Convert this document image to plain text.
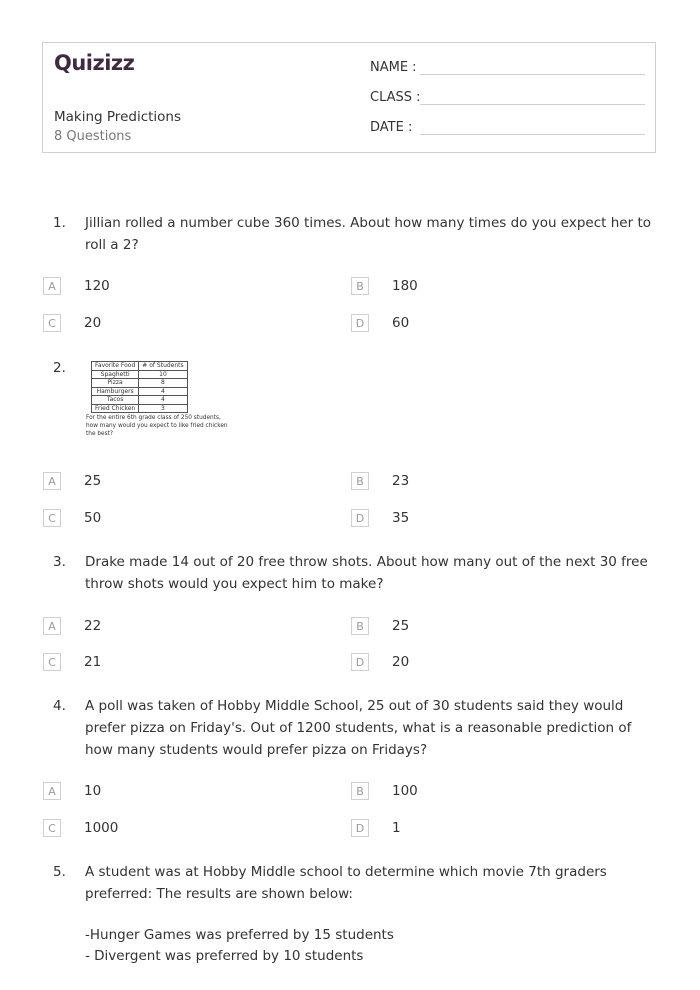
Quizizz
Making Predictions
8 Questions
NAME :
CLASS :
DATE :
1. Jillian rolled a number cube 360 times. About how many times do you expect her to roll a 2?
A	120	B	180
C	20	D	60
2.	Favorite Food	# of Students
Spaghetti	10
Pizza	8
Hamburgers	4
Tacos	4
Fried Chicken	3
For the entire 6th grade class of 250 students, how many would you expect to like fried chicken the best?
A	25	B	23
C	50	D	35
3. Drake made 14 out of 20 free throw shots. About how many out of the next 30 free throw shots would you expect him to make?
A	22	B	25
C	21	D	20
4. A poll was taken of Hobby Middle School, 25 out of 30 students said they would prefer pizza on Friday's. Out of 1200 students, what is a reasonable prediction of how many students would prefer pizza on Fridays?
A	10	B	100
C	1000	D	1
5. A student was at Hobby Middle school to determine which movie 7th graders preferred: The results are shown below:
-Hunger Games was preferred by 15 students
- Divergent was preferred by 10 students
